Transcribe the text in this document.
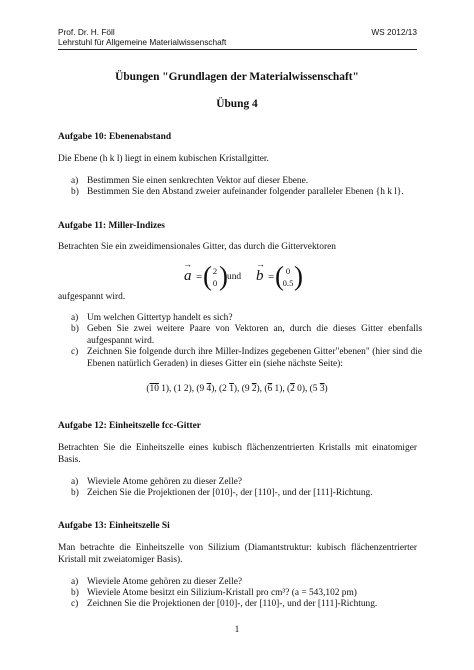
Prof. Dr. H. Föll
Lehrstuhl für Allgemeine Materialwissenschaft
WS 2012/13
Übungen "Grundlagen der Materialwissenschaft"
Übung 4
Aufgabe 10: Ebenenabstand
Die Ebene (h k l) liegt in einem kubischen Kristallgitter.
a) Bestimmen Sie einen senkrechten Vektor auf dieser Ebene.
b) Bestimmen Sie den Abstand zweier aufeinander folgender paralleler Ebenen {h k l}.
Aufgabe 11: Miller-Indizes
Betrachten Sie ein zweidimensionales Gitter, das durch die Gittervektoren
→
a = ( 2
0 ) und
→
b = ( 0
0.5 )
aufgespannt wird.
a) Um welchen Gittertyp handelt es sich?
b) Geben Sie zwei weitere Paare von Vektoren an, durch die dieses Gitter ebenfalls aufgespannt wird.
c) Zeichnen Sie folgende durch ihre Miller-Indizes gegebenen Gitter"ebenen" (hier sind die Ebenen natürlich Geraden) in dieses Gitter ein (siehe nächste Seite):
(10 1), (1 2), (9 4), (2 1), (9 2), (6 1), (2 0), (5 3)
Aufgabe 12: Einheitszelle fcc-Gitter
Betrachten Sie die Einheitszelle eines kubisch flächenzentrierten Kristalls mit einatomiger Basis.
a) Wieviele Atome gehören zu dieser Zelle?
b) Zeichen Sie die Projektionen der [010]-, der [110]-, und der [111]-Richtung.
Aufgabe 13: Einheitszelle Si
Man betrachte die Einheitszelle von Silizium (Diamantstruktur: kubisch flächenzentrierter Kristall mit zweiatomiger Basis).
a) Wieviele Atome gehören zu dieser Zelle?
b) Wieviele Atome besitzt ein Silizium-Kristall pro cm³? (a = 543,102 pm)
c) Zeichnen Sie die Projektionen der [010]-, der [110]-, und der [111]-Richtung.
1
